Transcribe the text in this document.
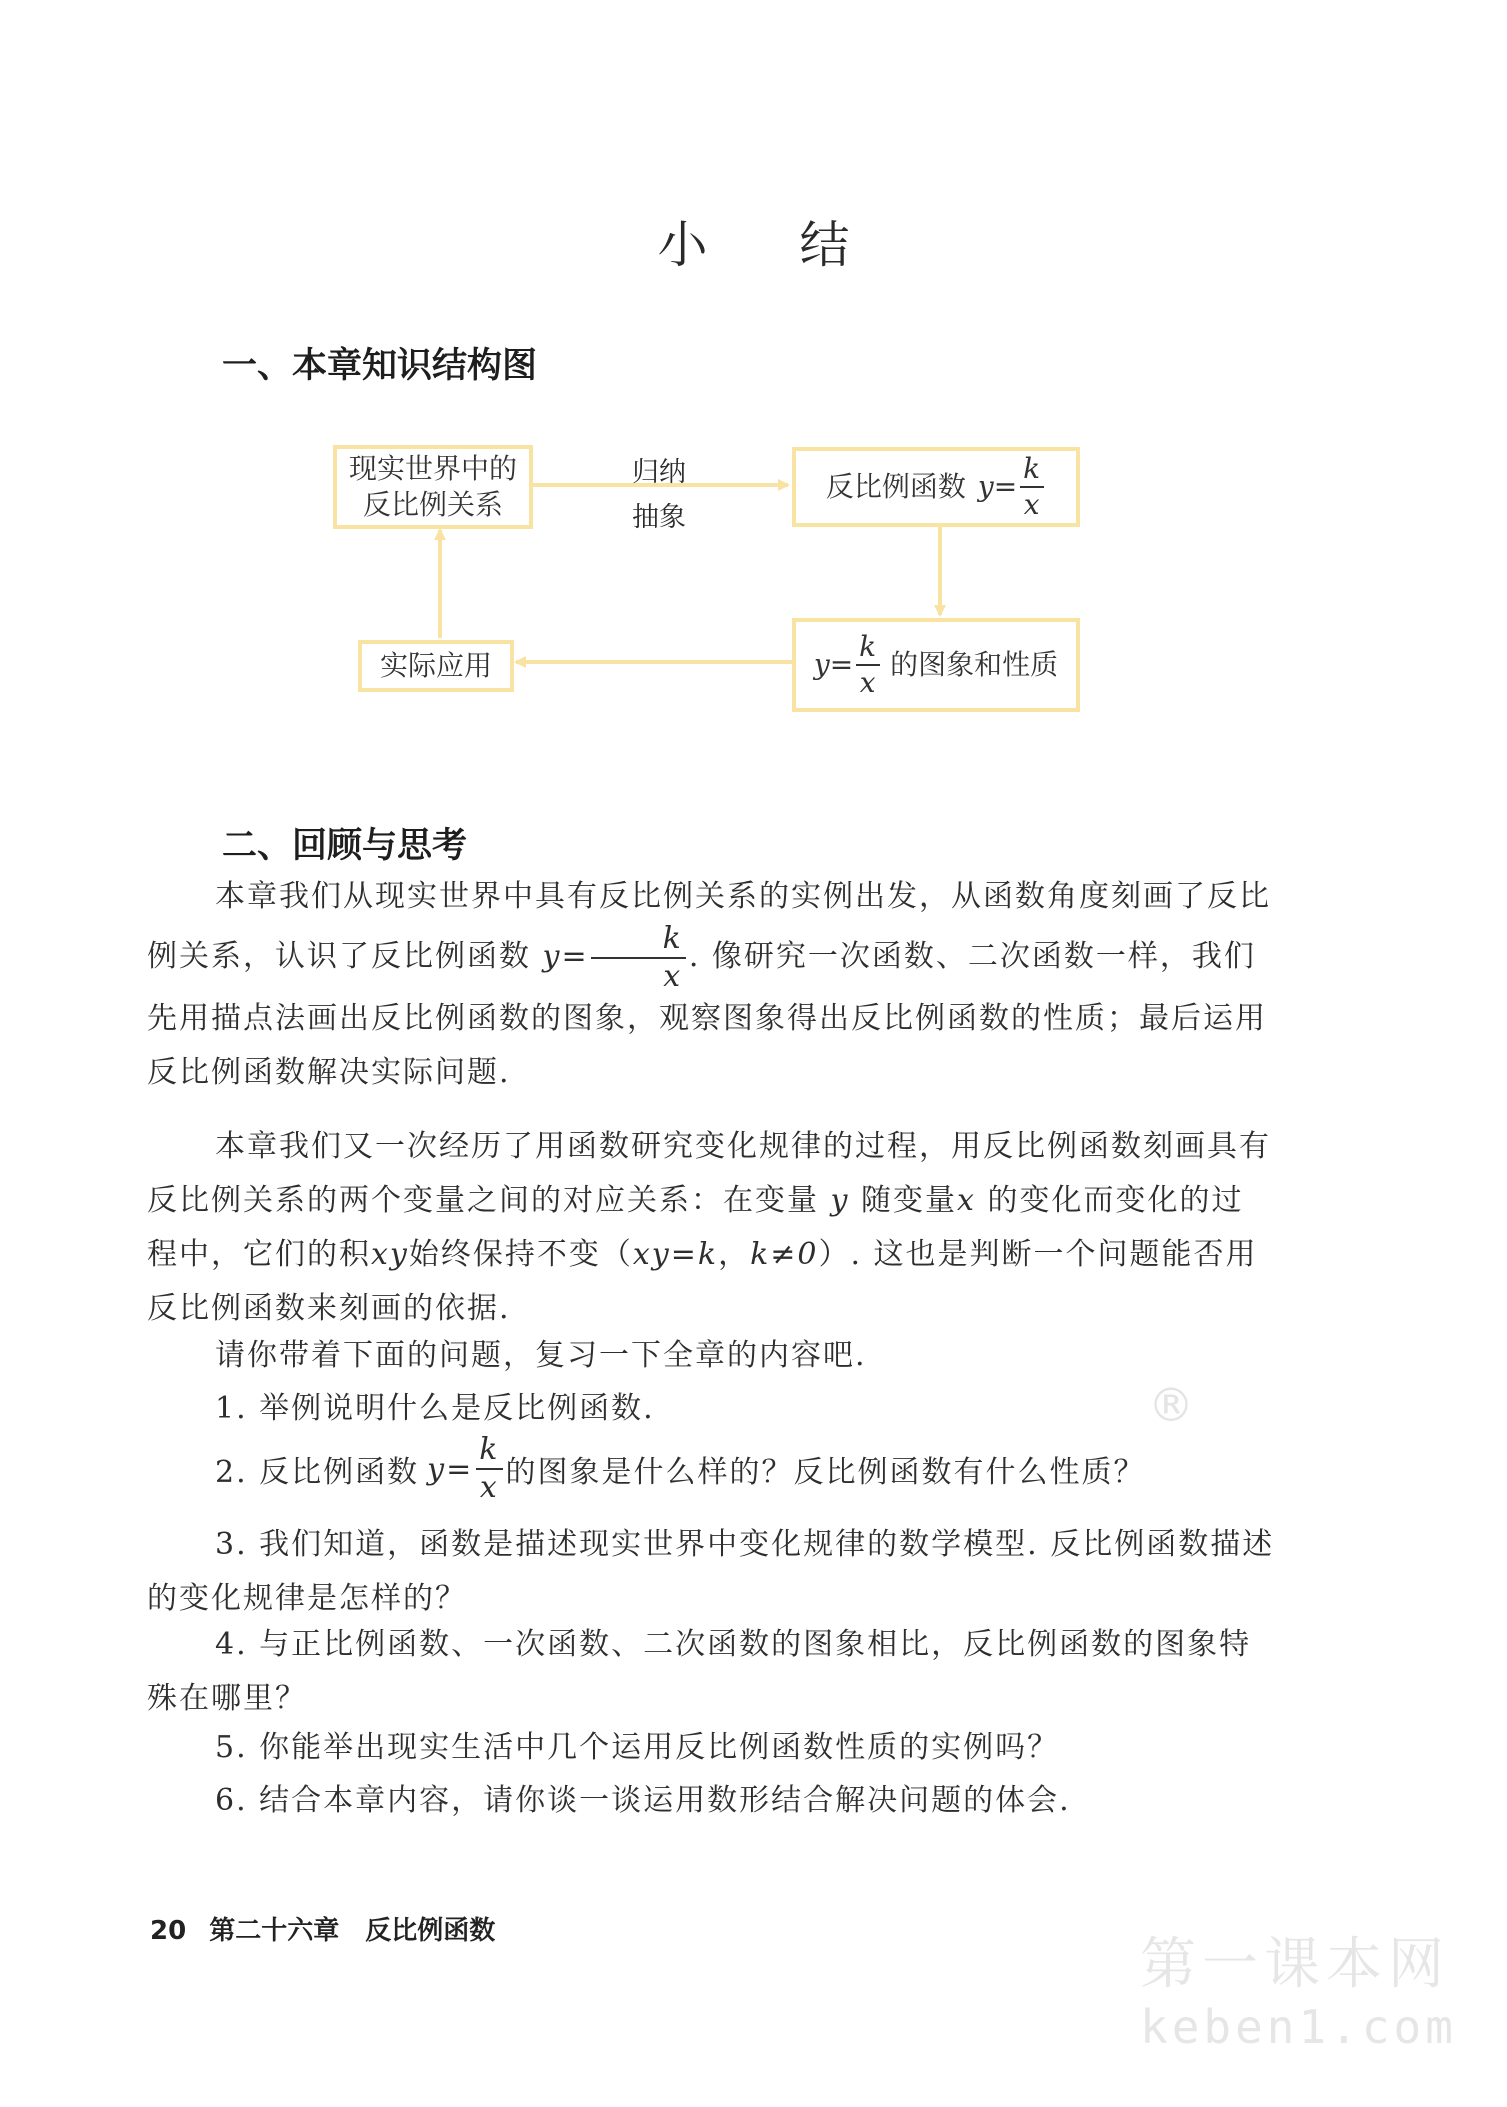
小 结
一、本章知识结构图
现实世界中的
反比例关系
归纳
抽象
反比例函数 $y = \frac{k}{x}$
$y = \frac{k}{x}$ 的图象和性质
实际应用
二、回顾与思考
本章我们从现实世界中具有反比例关系的实例出发，从函数角度刻画了反比例关系，认识了反比例函数 $y= \frac{k}{x}$ . 像研究一次函数、二次函数一样，我们先用描点法画出反比例函数的图象，观察图象得出反比例函数的性质；最后运用反比例函数解决实际问题.
本章我们又一次经历了用函数研究变化规律的过程，用反比例函数刻画具有反比例关系的两个变量之间的对应关系：在变量 y 随变量x 的变化而变化的过程中，它们的积xy始终保持不变（xy=k，k≠0）. 这也是判断一个问题能否用反比例函数来刻画的依据.
请你带着下面的问题，复习一下全章的内容吧.
1. 举例说明什么是反比例函数.
2. 反比例函数 $y = \frac{k}{x}$ 的图象是什么样的？反比例函数有什么性质？
3. 我们知道，函数是描述现实世界中变化规律的数学模型. 反比例函数描述的变化规律是怎样的？
4. 与正比例函数、一次函数、二次函数的图象相比，反比例函数的图象特殊在哪里？
5. 你能举出现实生活中几个运用反比例函数性质的实例吗？
6. 结合本章内容，请你谈一谈运用数形结合解决问题的体会.
®
20 第二十六章　反比例函数
第一课本网
keben1.com
